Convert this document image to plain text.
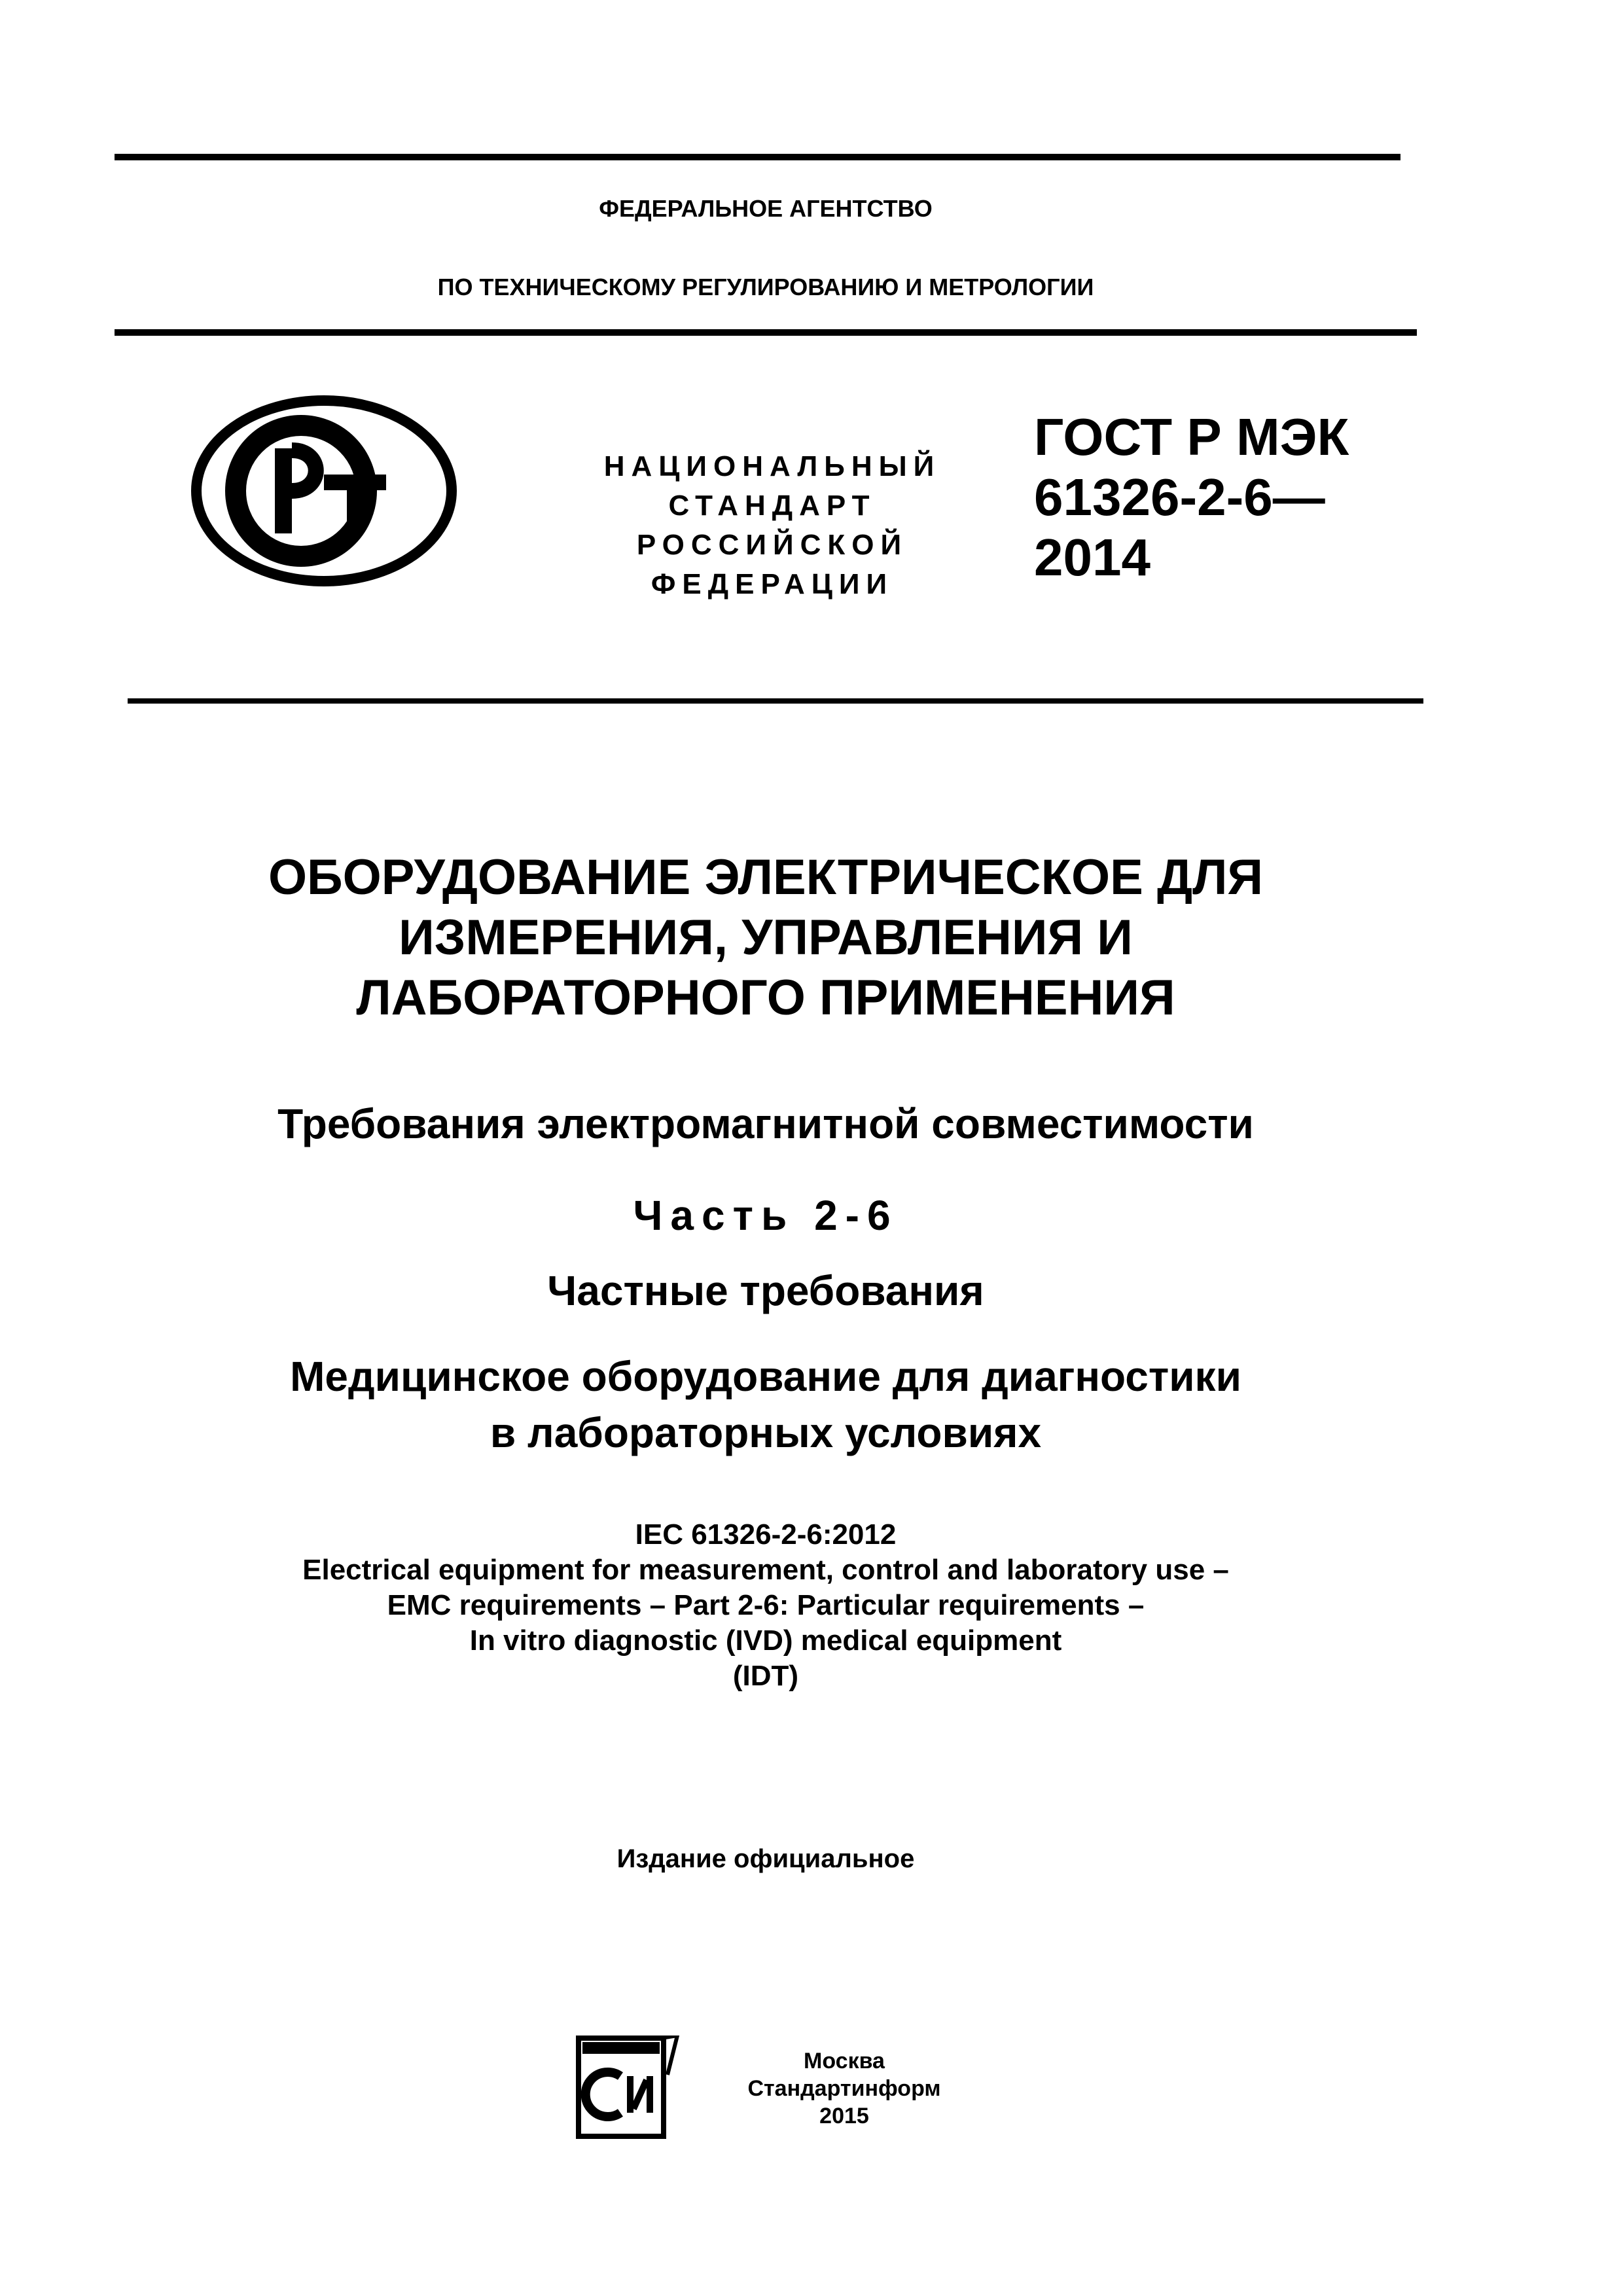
ФЕДЕРАЛЬНОЕ АГЕНТСТВО
ПО ТЕХНИЧЕСКОМУ РЕГУЛИРОВАНИЮ И МЕТРОЛОГИИ
НАЦИОНАЛЬНЫЙ
СТАНДАРТ
РОССИЙСКОЙ
ФЕДЕРАЦИИ
ГОСТ Р МЭК
61326-2-6—
2014
ОБОРУДОВАНИЕ ЭЛЕКТРИЧЕСКОЕ ДЛЯ
ИЗМЕРЕНИЯ, УПРАВЛЕНИЯ И
ЛАБОРАТОРНОГО ПРИМЕНЕНИЯ
Требования электромагнитной совместимости
Часть 2-6
Частные требования
Медицинское оборудование для диагностики
в лабораторных условиях
IEC 61326-2-6:2012
Electrical equipment for measurement, control and laboratory use –
EMC requirements – Part 2-6: Particular requirements –
In vitro diagnostic (IVD) medical equipment
(IDT)
Издание официальное
Москва
Стандартинформ
2015
